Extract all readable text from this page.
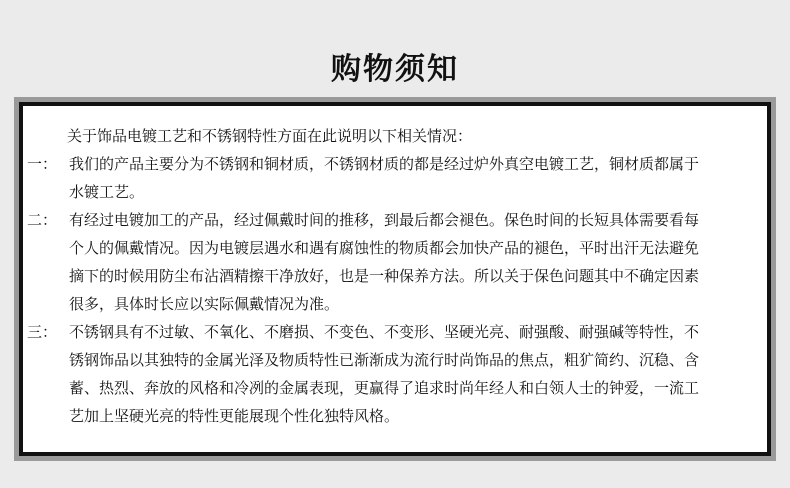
购物须知
关于饰品电镀工艺和不锈钢特性方面在此说明以下相关情况：
一： 我们的产品主要分为不锈钢和铜材质，不锈钢材质的都是经过炉外真空电镀工艺，铜材质都属于
水镀工艺。
二： 有经过电镀加工的产品，经过佩戴时间的推移，到最后都会褪色。保色时间的长短具体需要看每
个人的佩戴情况。因为电镀层遇水和遇有腐蚀性的物质都会加快产品的褪色，平时出汗无法避免
摘下的时候用防尘布沾酒精擦干净放好，也是一种保养方法。所以关于保色问题其中不确定因素
很多，具体时长应以实际佩戴情况为准。
三： 不锈钢具有不过敏、不氧化、不磨损、不变色、不变形、坚硬光亮、耐强酸、耐强碱等特性，不
锈钢饰品以其独特的金属光泽及物质特性已渐渐成为流行时尚饰品的焦点，粗犷简约、沉稳、含
蓄、热烈、奔放的风格和冷冽的金属表现，更赢得了追求时尚年经人和白领人士的钟爱，一流工
艺加上坚硬光亮的特性更能展现个性化独特风格。
